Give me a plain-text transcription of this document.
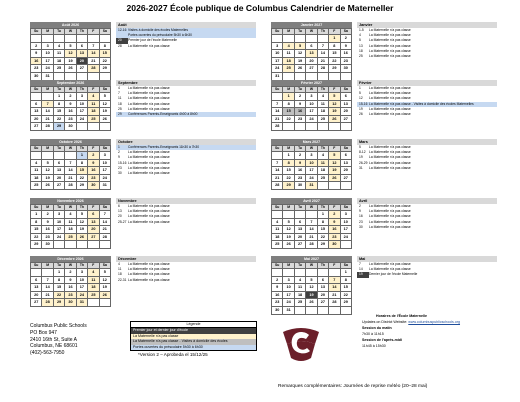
2026-2027 École publique de Columbus Calendrier de Materneller
Août 2026
Su	M	Tu	W	Th	F	Sa

2	3	4	5	6	7	8
9	10	11	12	13	14	15
16	17	18	19	20	21	22
23	24	25	26	27	28	29
30	31					
Août
12-16 Visites à domicile des écoles Maternelles
Portes ouvertes du préscolaire 5h30 à 6h30
20	Premier jour de l'école Maternelle
28	La Maternelle n'a pas classe
Janvier 2027
Su	M	Tu	W	Th	F	Sa
					1	2
3	4	5	6	7	8	9
10	11	12	13	14	15	16
17	18	19	20	21	22	23
24	25	26	27	28	29	30
31						
Janvier
1-5	La Maternelle n'a pas classe
4	La Maternelle n'a pas classe
5	La Maternelle n'a pas classe
13	La Maternelle n'a pas classe
18	La Maternelle n'a pas classe
25	La Maternelle n'a pas classe
Septembre 2026
Su	M	Tu	W	Th	F	Sa
		1	2	3	4	5
6	7	8	9	10	11	12
13	14	15	16	17	18	19
20	21	22	23	24	25	26
27	28	29	30			
Septembre
4	La Maternelle n'a pas classe
7	La Maternelle n'a pas classe
11	La Maternelle n'a pas classe
18	La Maternelle n'a pas classe
25	La Maternelle n'a pas classe
29	Conférences Parents-Enseignants 4h00 à 8h00
Février 2027
Su	M	Tu	W	Th	F	Sa
	1	2	3	4	5	6
7	8	9	10	11	12	13
14	15	16	17	18	19	20
21	22	23	24	25	26	27
28						
Février
1	La Maternelle n'a pas classe
5	La Maternelle n'a pas classe
12	La Maternelle n'a pas classe
15-16 La Maternelle n'a pas classe - Visites à domicile des écoles Maternelles
19	La Maternelle n'a pas classe
26	La Maternelle n'a pas classe
Octobre 2026
Su	M	Tu	W	Th	F	Sa
				1	2	3
4	5	6	7	8	9	10
11	12	13	14	15	16	17
18	19	20	21	22	23	24
25	26	27	28	29	30	31
Octobre
1	Conférences Parents-Enseignants 11h30 à 7h30
2	La Maternelle n'a pas classe
9	La Maternelle n'a pas classe
15-16 La Maternelle n'a pas classe
23	La Maternelle n'a pas classe
30	La Maternelle n'a pas classe
Mars 2027
Su	M	Tu	W	Th	F	Sa
	1	2	3	4	5	6
7	8	9	10	11	12	13
14	15	16	17	18	19	20
21	22	23	24	25	26	27
28	29	30	31			
Mars
5	La Maternelle n'a pas classe
8-12	La Maternelle n'a pas classe
19	La Maternelle n'a pas classe
26-29 La Maternelle n'a pas classe
31	La Maternelle n'a pas classe
Novembre 2026
Su	M	Tu	W	Th	F	Sa
1	2	3	4	5	6	7
8	9	10	11	12	13	14
15	16	17	18	19	20	21
22	23	24	25	26	27	28
29	30					
Novembre
6	La Maternelle n'a pas classe
13	La Maternelle n'a pas classe
20	La Maternelle n'a pas classe
25-27 La Maternelle n'a pas classe
Avril 2027
Su	M	Tu	W	Th	F	Sa
				1	2	3
4	5	6	7	8	9	10
11	12	13	14	15	16	17
18	19	20	21	22	23	24
25	26	27	28	29	30	
Avril
2	La Maternelle n'a pas classe
9	La Maternelle n'a pas classe
16	La Maternelle n'a pas classe
23	La Maternelle n'a pas classe
30	La Maternelle n'a pas classe
Décembre 2026
Su	M	Tu	W	Th	F	Sa
		1	2	3	4	5
6	7	8	9	10	11	12
13	14	15	16	17	18	19
20	21	22	23	24	25	26
27	28	29	30	31		
Décembre
4	La Maternelle n'a pas classe
11	La Maternelle n'a pas classe
18	La Maternelle n'a pas classe
22-31 La Maternelle n'a pas classe
Mai 2027
Su	M	Tu	W	Th	F	Sa
						1
2	3	4	5	6	7	8
9	10	11	12	13	14	15
16	17	18	19	20	21	22
23	24	25	26	27	28	29
30	31					
Mai
7	La Maternelle n'a pas classe
14	La Maternelle n'a pas classe
19	Dernier jour de l'école Maternelle
Columbus Public Schools
PO Box 947
2410 16th St, Suite A
Columbus, NE 68601
(402)-563-7950
Légende
Premier jour et dernier jour d'école
La Maternelle n'a pas classe
La Maternelle n'a pas classe - Visites à domicile des écoles
Portes ouvertes du préscolaire 5h30 à 6h30
*Version 2 – Aprobeda el 15/12/25
Horaires de l'École Maternelle
Updates on District Website: www.columbuspublicschools.org
Session du matin
7h30 à 11h15
Session de l'après-midi
11h45 à 15h30
Remarques complémentaires: Journées de reprise météo (20–28 mai)
